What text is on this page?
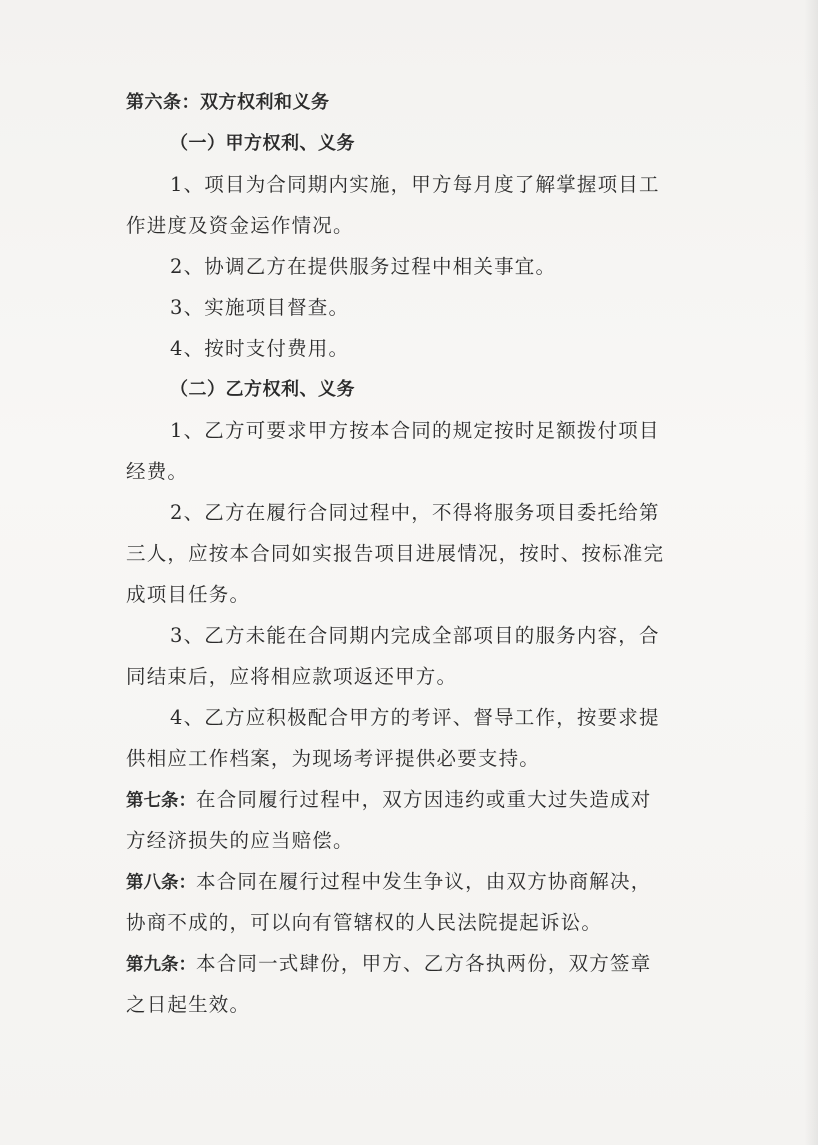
第六条：双方权利和义务
（一）甲方权利、义务
1、项目为合同期内实施，甲方每月度了解掌握项目工
作进度及资金运作情况。
2、协调乙方在提供服务过程中相关事宜。
3、实施项目督查。
4、按时支付费用。
（二）乙方权利、义务
1、乙方可要求甲方按本合同的规定按时足额拨付项目
经费。
2、乙方在履行合同过程中，不得将服务项目委托给第
三人，应按本合同如实报告项目进展情况，按时、按标准完
成项目任务。
3、乙方未能在合同期内完成全部项目的服务内容，合
同结束后，应将相应款项返还甲方。
4、乙方应积极配合甲方的考评、督导工作，按要求提
供相应工作档案，为现场考评提供必要支持。
第七条：在合同履行过程中，双方因违约或重大过失造成对
方经济损失的应当赔偿。
第八条：本合同在履行过程中发生争议，由双方协商解决，
协商不成的，可以向有管辖权的人民法院提起诉讼。
第九条：本合同一式肆份，甲方、乙方各执两份，双方签章
之日起生效。
